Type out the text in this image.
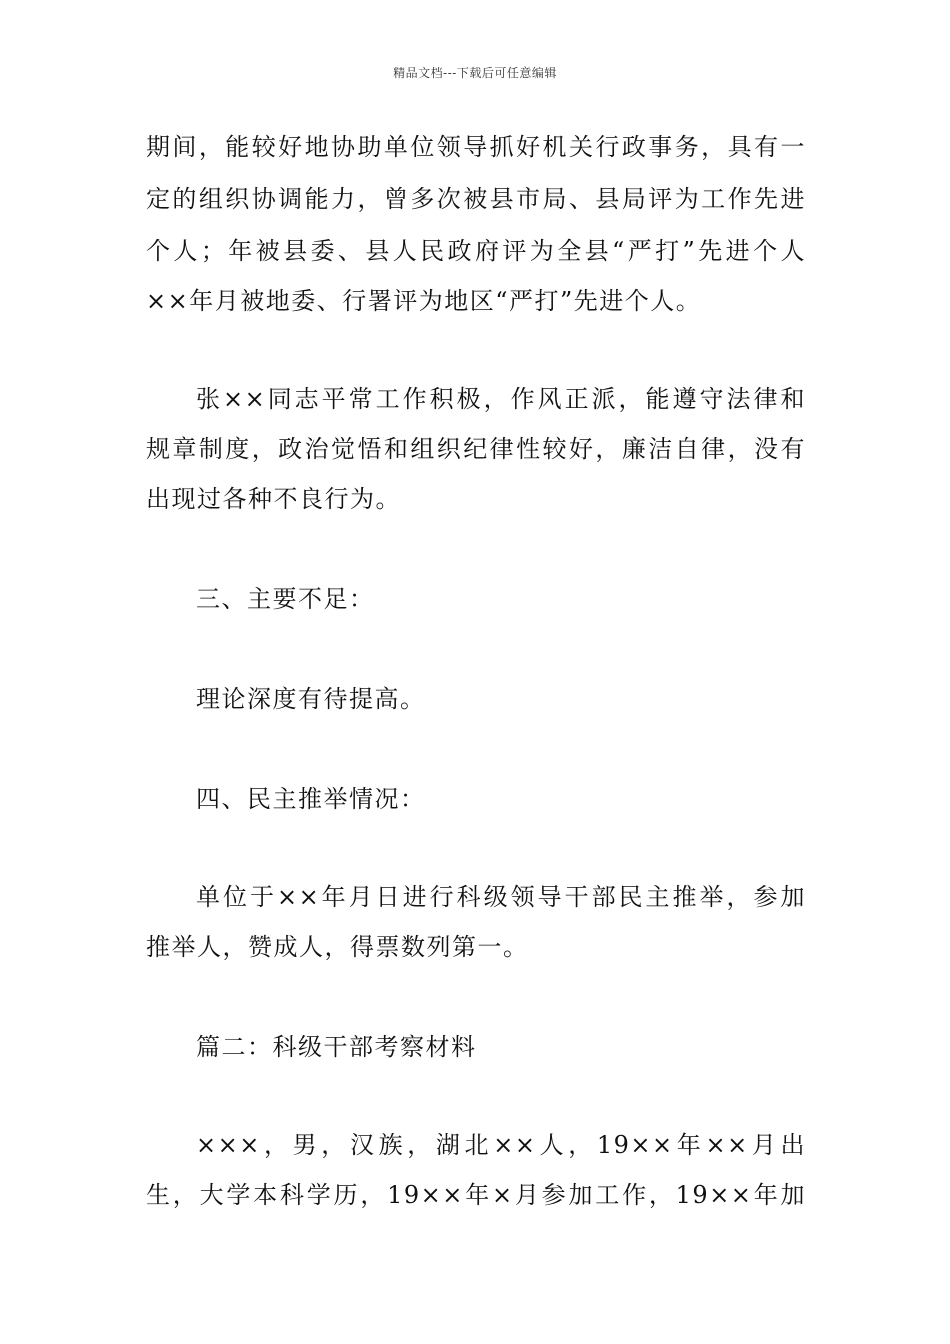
精品文档---下载后可任意编辑
期间，能较好地协助单位领导抓好机关行政事务，具有一
定的组织协调能力，曾多次被县市局、县局评为工作先进
个人；年被县委、县人民政府评为全县“严打”先进个人
××年月被地委、行署评为地区“严打”先进个人。
张××同志平常工作积极，作风正派，能遵守法律和
规章制度，政治觉悟和组织纪律性较好，廉洁自律，没有
出现过各种不良行为。
三、主要不足：
理论深度有待提高。
四、民主推举情况：
单位于××年月日进行科级领导干部民主推举，参加
推举人，赞成人，得票数列第一。
篇二：科级干部考察材料
×××，男，汉族，湖北××人，19××年××月出
生，大学本科学历，19××年×月参加工作，19××年加
